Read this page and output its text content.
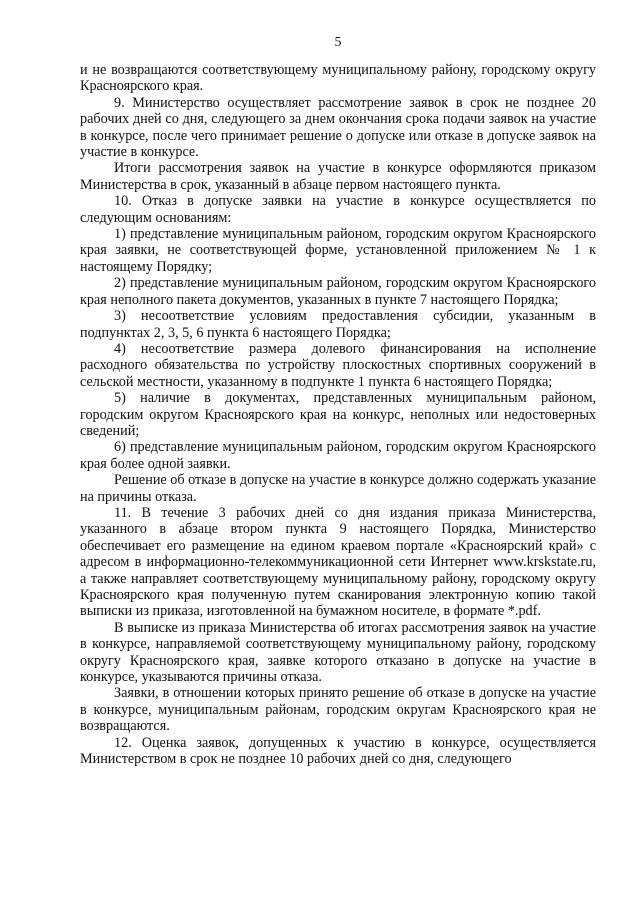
5

и не возвращаются соответствующему муниципальному району, городскому округу Красноярского края.

9. Министерство осуществляет рассмотрение заявок в срок не позднее 20 рабочих дней со дня, следующего за днем окончания срока подачи заявок на участие в конкурсе, после чего принимает решение о допуске или отказе в допуске заявок на участие в конкурсе.

Итоги рассмотрения заявок на участие в конкурсе оформляются приказом Министерства в срок, указанный в абзаце первом настоящего пункта.

10. Отказ в допуске заявки на участие в конкурсе осуществляется по следующим основаниям:

1) представление муниципальным районом, городским округом Красноярского края заявки, не соответствующей форме, установленной приложением № 1 к настоящему Порядку;

2) представление муниципальным районом, городским округом Красноярского края неполного пакета документов, указанных в пункте 7 настоящего Порядка;

3) несоответствие условиям предоставления субсидии, указанным в подпунктах 2, 3, 5, 6 пункта 6 настоящего Порядка;

4) несоответствие размера долевого финансирования на исполнение расходного обязательства по устройству плоскостных спортивных сооружений в сельской местности, указанному в подпункте 1 пункта 6 настоящего Порядка;

5) наличие в документах, представленных муниципальным районом, городским округом Красноярского края на конкурс, неполных или недостоверных сведений;

6) представление муниципальным районом, городским округом Красноярского края более одной заявки.

Решение об отказе в допуске на участие в конкурсе должно содержать указание на причины отказа.

11. В течение 3 рабочих дней со дня издания приказа Министерства, указанного в абзаце втором пункта 9 настоящего Порядка, Министерство обеспечивает его размещение на едином краевом портале «Красноярский край» с адресом в информационно-телекоммуникационной сети Интернет www.krskstate.ru, а также направляет соответствующему муниципальному району, городскому округу Красноярского края полученную путем сканирования электронную копию такой выписки из приказа, изготовленной на бумажном носителе, в формате *.pdf.

В выписке из приказа Министерства об итогах рассмотрения заявок на участие в конкурсе, направляемой соответствующему муниципальному району, городскому округу Красноярского края, заявке которого отказано в допуске на участие в конкурсе, указываются причины отказа.

Заявки, в отношении которых принято решение об отказе в допуске на участие в конкурсе, муниципальным районам, городским округам Красноярского края не возвращаются.

12. Оценка заявок, допущенных к участию в конкурсе, осуществляется Министерством в срок не позднее 10 рабочих дней со дня, следующего
